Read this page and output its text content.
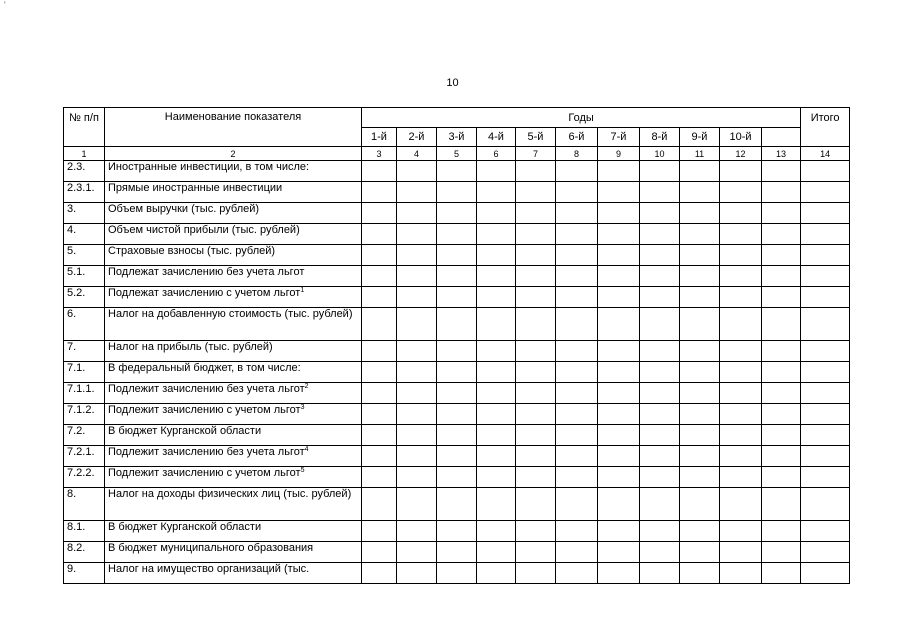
'
10
№ п/п	Наименование показателя	Годы											Итого
		1-й	2-й	3-й	4-й	5-й	6-й	7-й	8-й	9-й	10-й		
1	2	3	4	5	6	7	8	9	10	11	12	13	14
2.3.	Иностранные инвестиции, в том числе:												
2.3.1.	Прямые иностранные инвестиции												
3.	Объем выручки (тыс. рублей)												
4.	Объем чистой прибыли (тыс. рублей)												
5.	Страховые взносы (тыс. рублей)												
5.1.	Подлежат зачислению без учета льгот												
5.2.	Подлежат зачислению с учетом льгот$^1$												
6.	Налог на добавленную стоимость (тыс. рублей)												
7.	Налог на прибыль (тыс. рублей)												
7.1.	В федеральный бюджет, в том числе:												
7.1.1.	Подлежит зачислению без учета льгот$^2$												
7.1.2.	Подлежит зачислению с учетом льгот$^3$												
7.2.	В бюджет Курганской области												
7.2.1.	Подлежит зачислению без учета льгот$^4$												
7.2.2.	Подлежит зачислению с учетом льгот$^5$												
8.	Налог на доходы физических лиц (тыс. рублей)												
8.1.	В бюджет Курганской области												
8.2.	В бюджет муниципального образования												
9.	Налог на имущество организаций (тыс.												
